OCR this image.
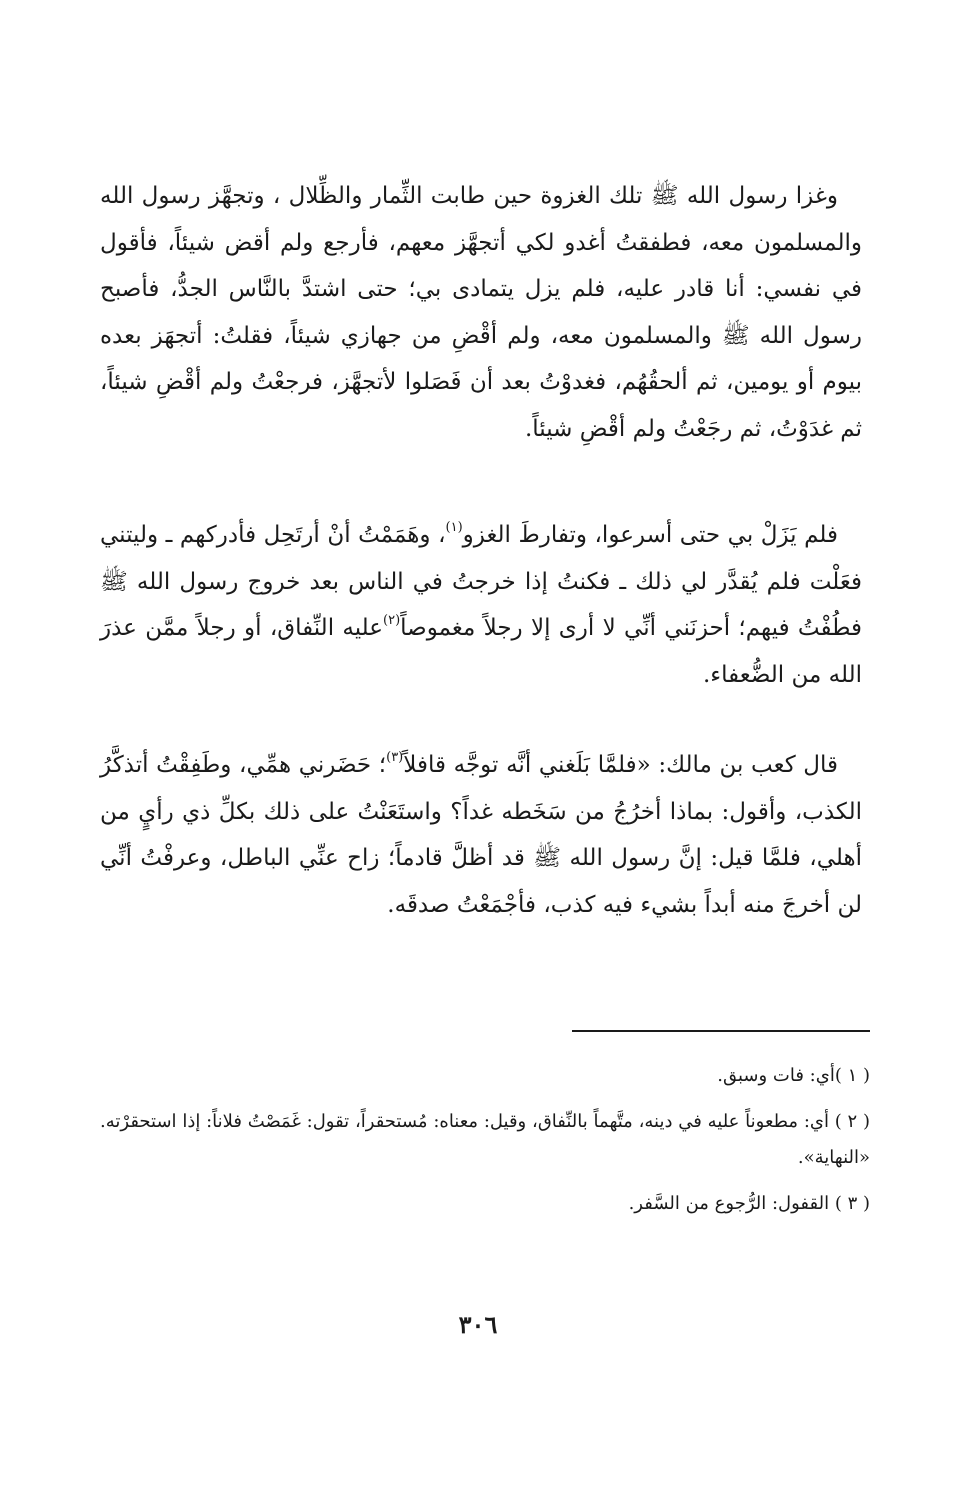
وغزا رسول الله ﷺ تلك الغزوة حين طابت الثِّمار والظِّلال ، وتجهَّز رسول الله والمسلمون معه، فطفقتُ أغدو لكي أتجهَّز معهم، فأرجع ولم أقض شيئاً، فأقول في نفسي: أنا قادر عليه، فلم يزل يتمادى بي؛ حتى اشتدَّ بالنَّاس الجدُّ، فأصبح رسول الله ﷺ والمسلمون معه، ولم أقْضِ من جهازي شيئاً، فقلتُ: أتجهَز بعده بيوم أو يومين، ثم ألحقُهُم، فغدوْتُ بعد أن فَصَلوا لأتجهَّز، فرجعْتُ ولم أقْضِ شيئاً، ثم غدَوْتُ، ثم رجَعْتُ ولم أقْضِ شيئاً.

فلم يَزَلْ بي حتى أسرعوا، وتفارطَ الغزو$^{(١)}$، وهَمَمْتُ أنْ أرتَحِل فأدركهم ـ وليتني فعَلْت فلم يُقدَّر لي ذلك ـ فكنتُ إذا خرجتُ في الناس بعد خروج رسول الله ﷺ فطُفْتُ فيهم؛ أحزنَني أنِّي لا أرى إلا رجلاً مغموصاً$^{(٢)}$عليه النِّفاق، أو رجلاً ممَّن عذرَ الله من الضُّعفاء.

قال كعب بن مالك: «فلمَّا بَلَغني أنَّه توجَّه قافلاً$^{(٣)}$؛ حَضَرني همِّي، وطَفِقْتُ أتذكَّرُ الكذب، وأقول: بماذا أخرُجُ من سَخَطه غداً؟ واستَعَنْتُ على ذلك بكلِّ ذي رأيٍ من أهلي، فلمَّا قيل: إنَّ رسول الله ﷺ قد أظلَّ قادماً؛ زاح عنِّي الباطل، وعرفْتُ أنِّي لن أخرجَ منه أبداً بشيء فيه كذب، فأجْمَعْتُ صدقَه.

( ١ )أي: فات وسبق.

( ٢ ) أي: مطعوناً عليه في دينه، متَّهماً بالنِّفاق، وقيل: معناه: مُستحقراً، تقول: غَمَصْتُ فلاناً: إذا استحقرْته. «النهاية».

( ٣ ) القفول: الرُّجوع من السَّفر.

٣٠٦
